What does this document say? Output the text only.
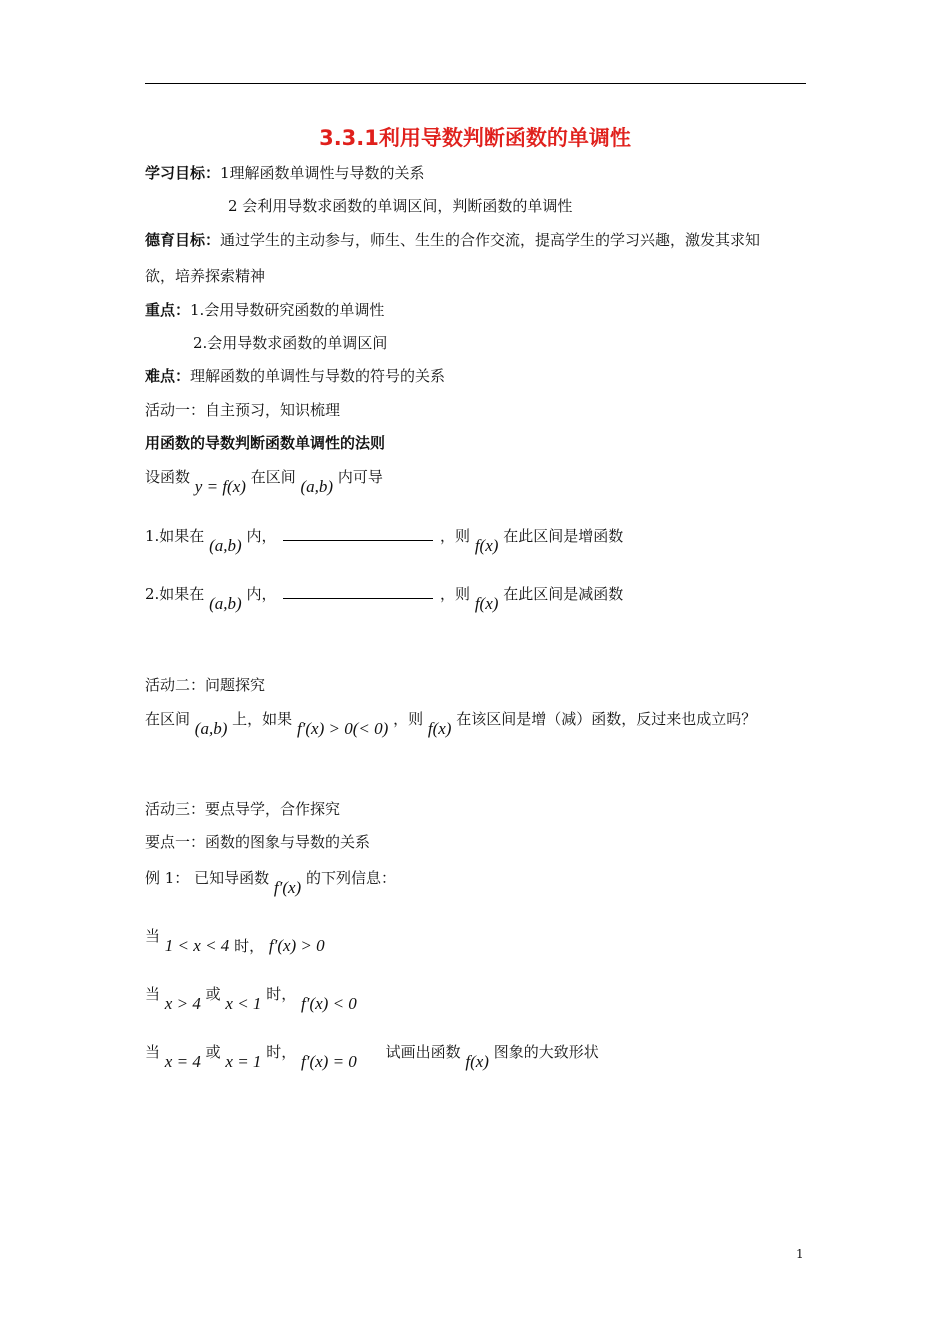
3.3.1利用导数判断函数的单调性
学习目标：1理解函数单调性与导数的关系
2 会利用导数求函数的单调区间，判断函数的单调性
德育目标：通过学生的主动参与，师生、生生的合作交流，提高学生的学习兴趣，激发其求知
欲，培养探索精神
重点：1.会用导数研究函数的单调性
2.会用导数求函数的单调区间
难点：理解函数的单调性与导数的符号的关系
活动一：自主预习，知识梳理
用函数的导数判断函数单调性的法则
设函数 y = f(x) 在区间 (a,b) 内可导
1.如果在 (a,b) 内，	，则 f(x) 在此区间是增函数
2.如果在 (a,b) 内，	，则 f(x) 在此区间是减函数
活动二：问题探究
在区间 (a,b) 上，如果 f′(x) > 0(< 0) ，则 f(x) 在该区间是增（减）函数，反过来也成立吗？
活动三：要点导学，合作探究
要点一：函数的图象与导数的关系
例 1： 已知导函数 f′(x) 的下列信息：
当 1 < x < 4 时， f′(x) > 0
当 x > 4 或 x < 1 时， f′(x) < 0
当 x = 4 或 x = 1 时， f′(x) = 0 试画出函数 f(x) 图象的大致形状
1
